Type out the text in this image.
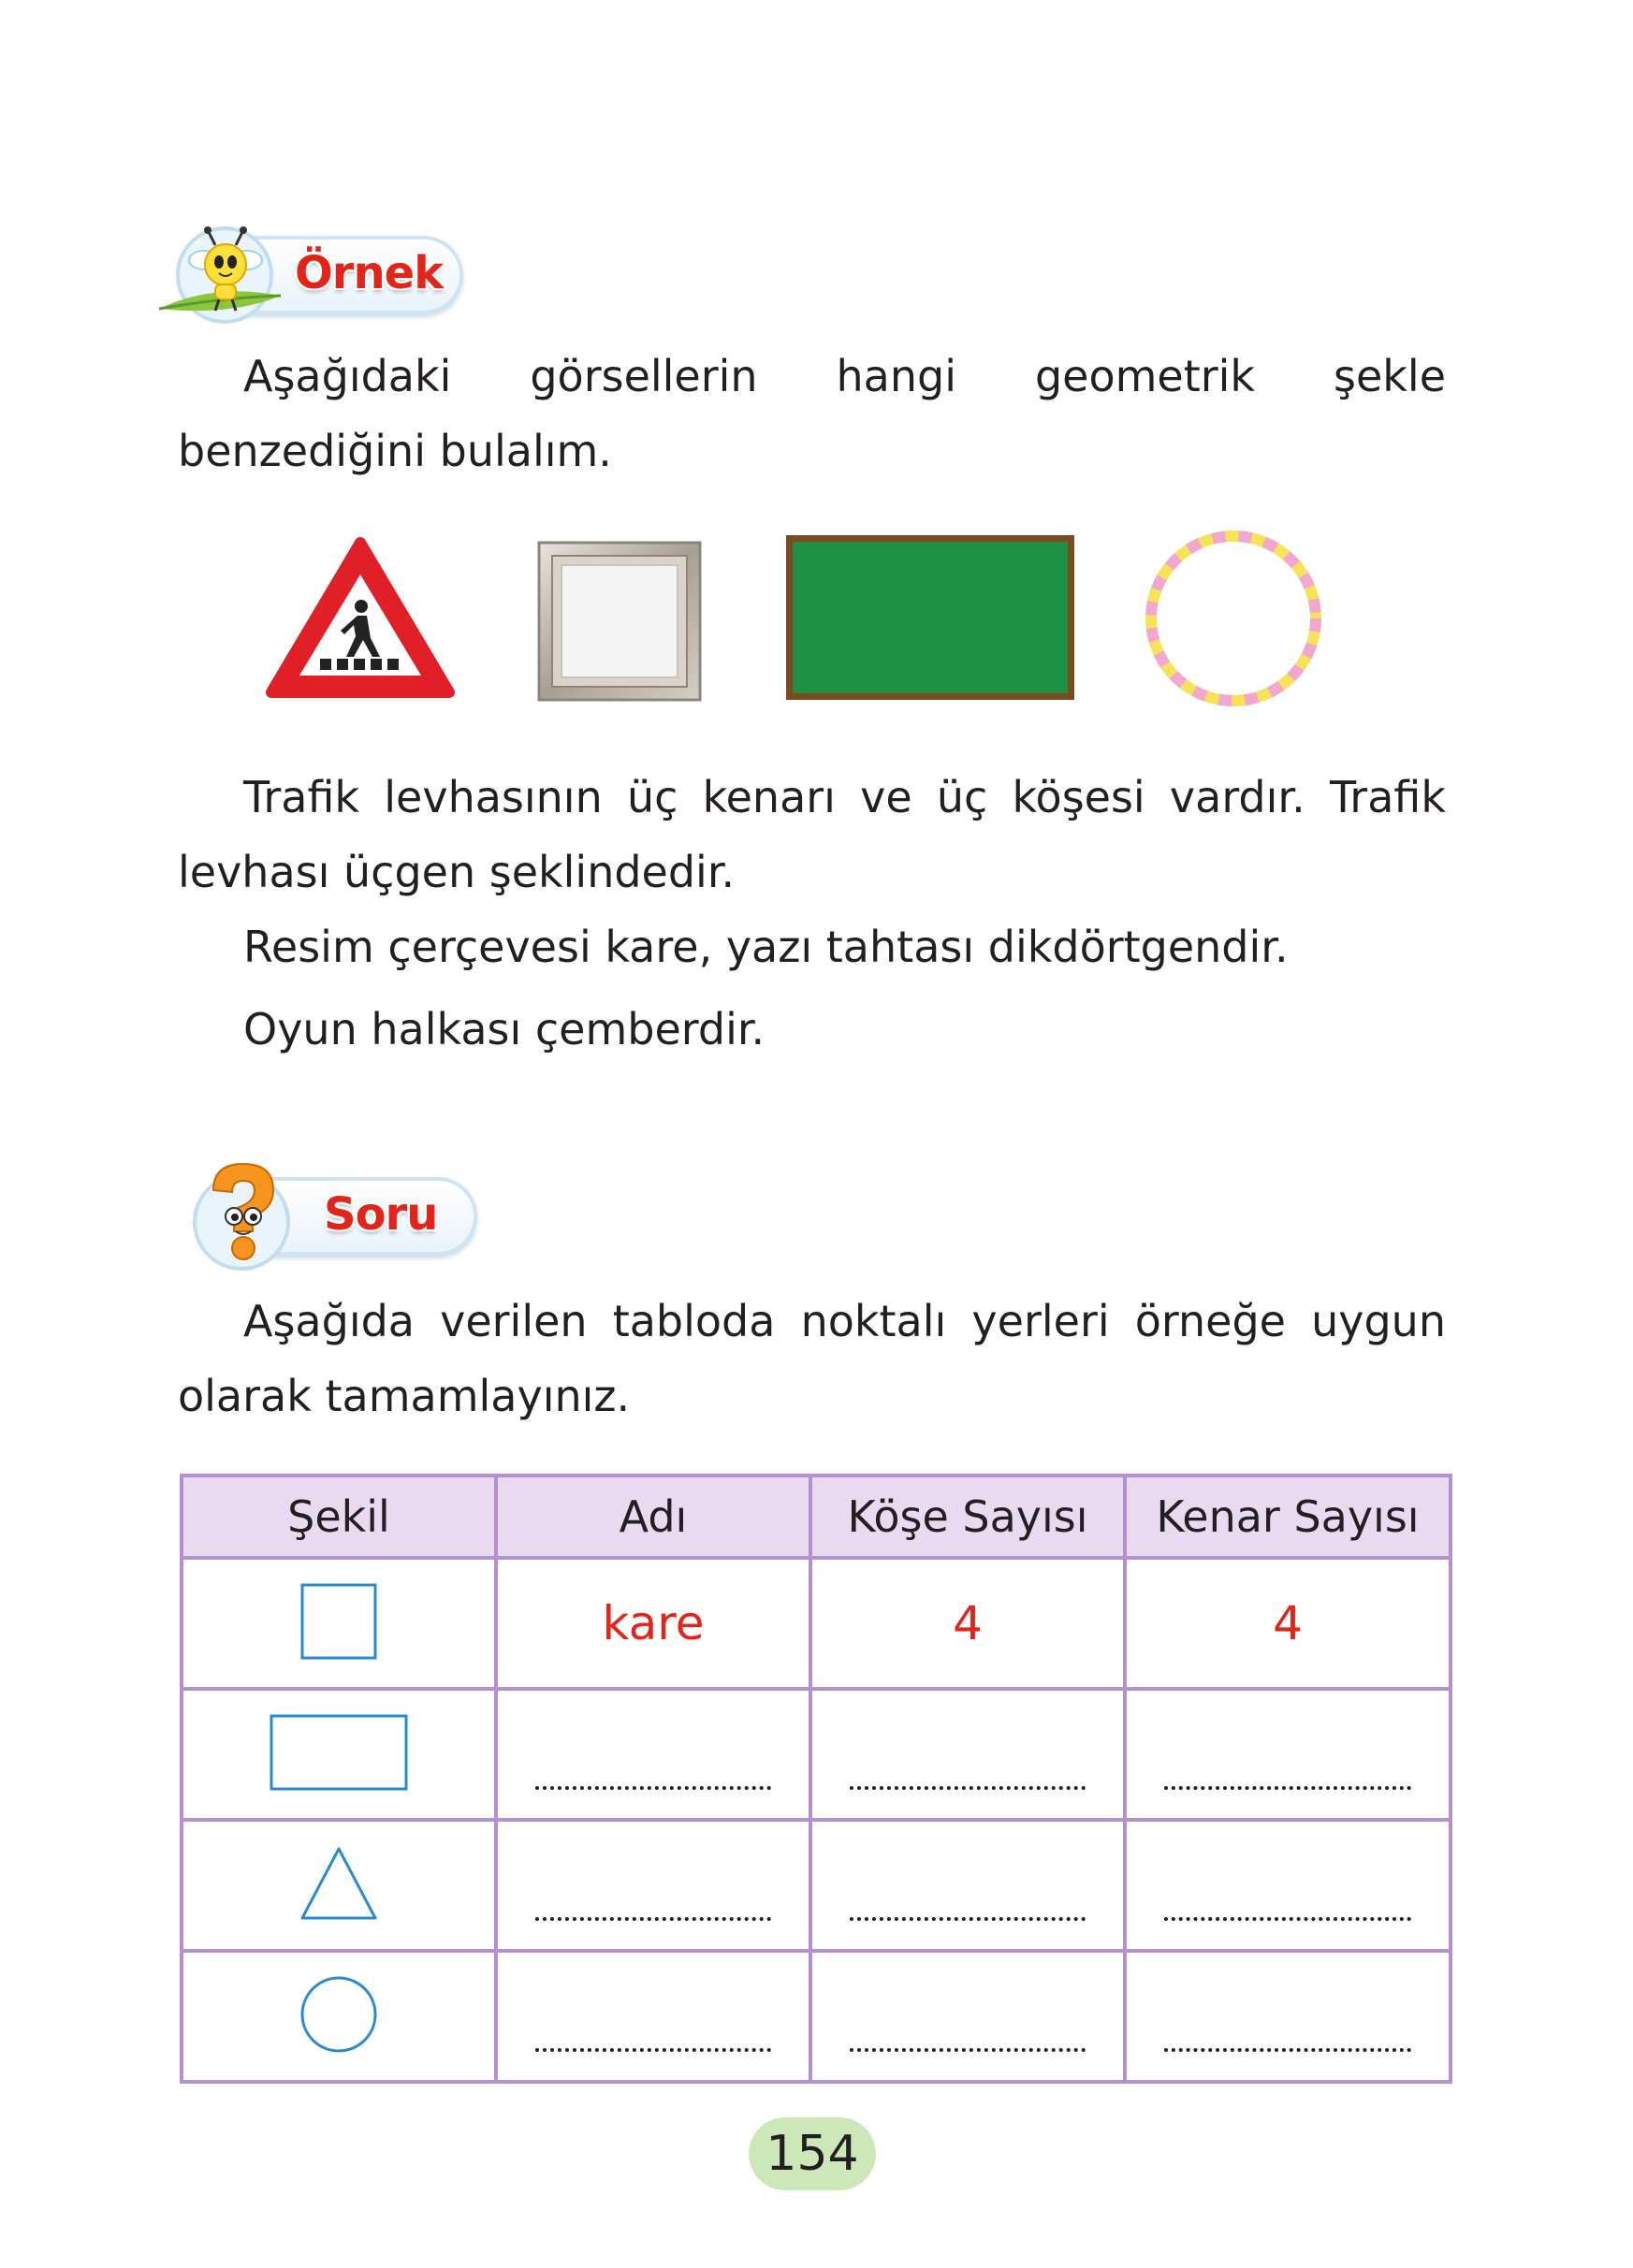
Örnek

Aşağıdaki görsellerin hangi geometrik şekle benzediğini bulalım.

Trafik levhasının üç kenarı ve üç köşesi vardır. Trafik levhası üçgen şeklindedir.

Resim çerçevesi kare, yazı tahtası dikdörtgendir.

Oyun halkası çemberdir.

Soru

Aşağıda verilen tabloda noktalı yerleri örneğe uygun olarak tamamlayınız.

Şekil	Adı	Köşe Sayısı	Kenar Sayısı
	kare	4	4

154
